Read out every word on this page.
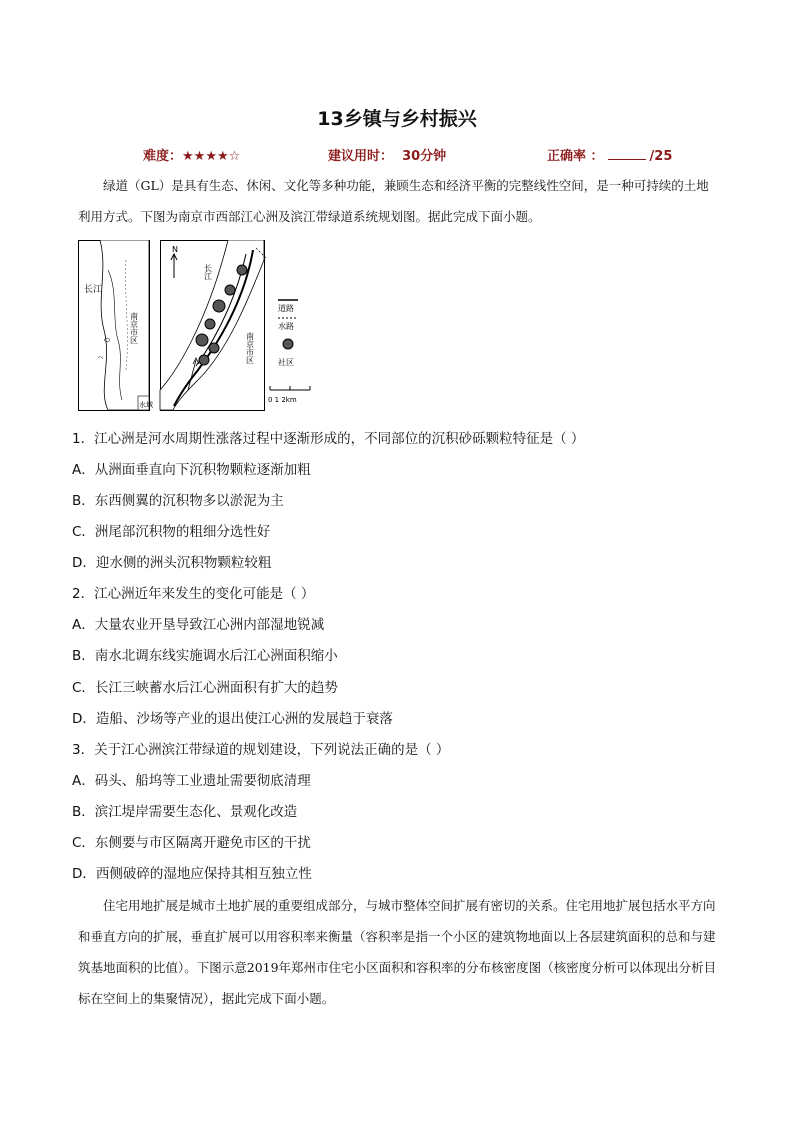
13乡镇与乡村振兴
难度：★★★★☆	建议用时： 30分钟	正确率 ：	/25
绿道（GL）是具有生态、休闲、文化等多种功能，兼顾生态和经济平衡的完整线性空间，是一种可持续的土地利用方式。下图为南京市西部江心洲及滨江带绿道系统规划图。据此完成下面小题。
长江
南京市区
水域
N
长江
南京市区
道路
水路
社区
0 1 2km
1．江心洲是河水周期性涨落过程中逐渐形成的，不同部位的沉积砂砾颗粒特征是（ ）
A．从洲面垂直向下沉积物颗粒逐渐加粗
B．东西侧翼的沉积物多以淤泥为主
C．洲尾部沉积物的粗细分选性好
D．迎水侧的洲头沉积物颗粒较粗
2．江心洲近年来发生的变化可能是（ ）
A．大量农业开垦导致江心洲内部湿地锐减
B．南水北调东线实施调水后江心洲面积缩小
C．长江三峡蓄水后江心洲面积有扩大的趋势
D．造船、沙场等产业的退出使江心洲的发展趋于衰落
3．关于江心洲滨江带绿道的规划建设，下列说法正确的是（ ）
A．码头、船坞等工业遗址需要彻底清理
B．滨江堤岸需要生态化、景观化改造
C．东侧要与市区隔离开避免市区的干扰
D．西侧破碎的湿地应保持其相互独立性
住宅用地扩展是城市土地扩展的重要组成部分，与城市整体空间扩展有密切的关系。住宅用地扩展包括水平方向和垂直方向的扩展，垂直扩展可以用容积率来衡量（容积率是指一个小区的建筑物地面以上各层建筑面积的总和与建筑基地面积的比值）。下图示意2019年郑州市住宅小区面积和容积率的分布核密度图（核密度分析可以体现出分析目标在空间上的集聚情况），据此完成下面小题。
